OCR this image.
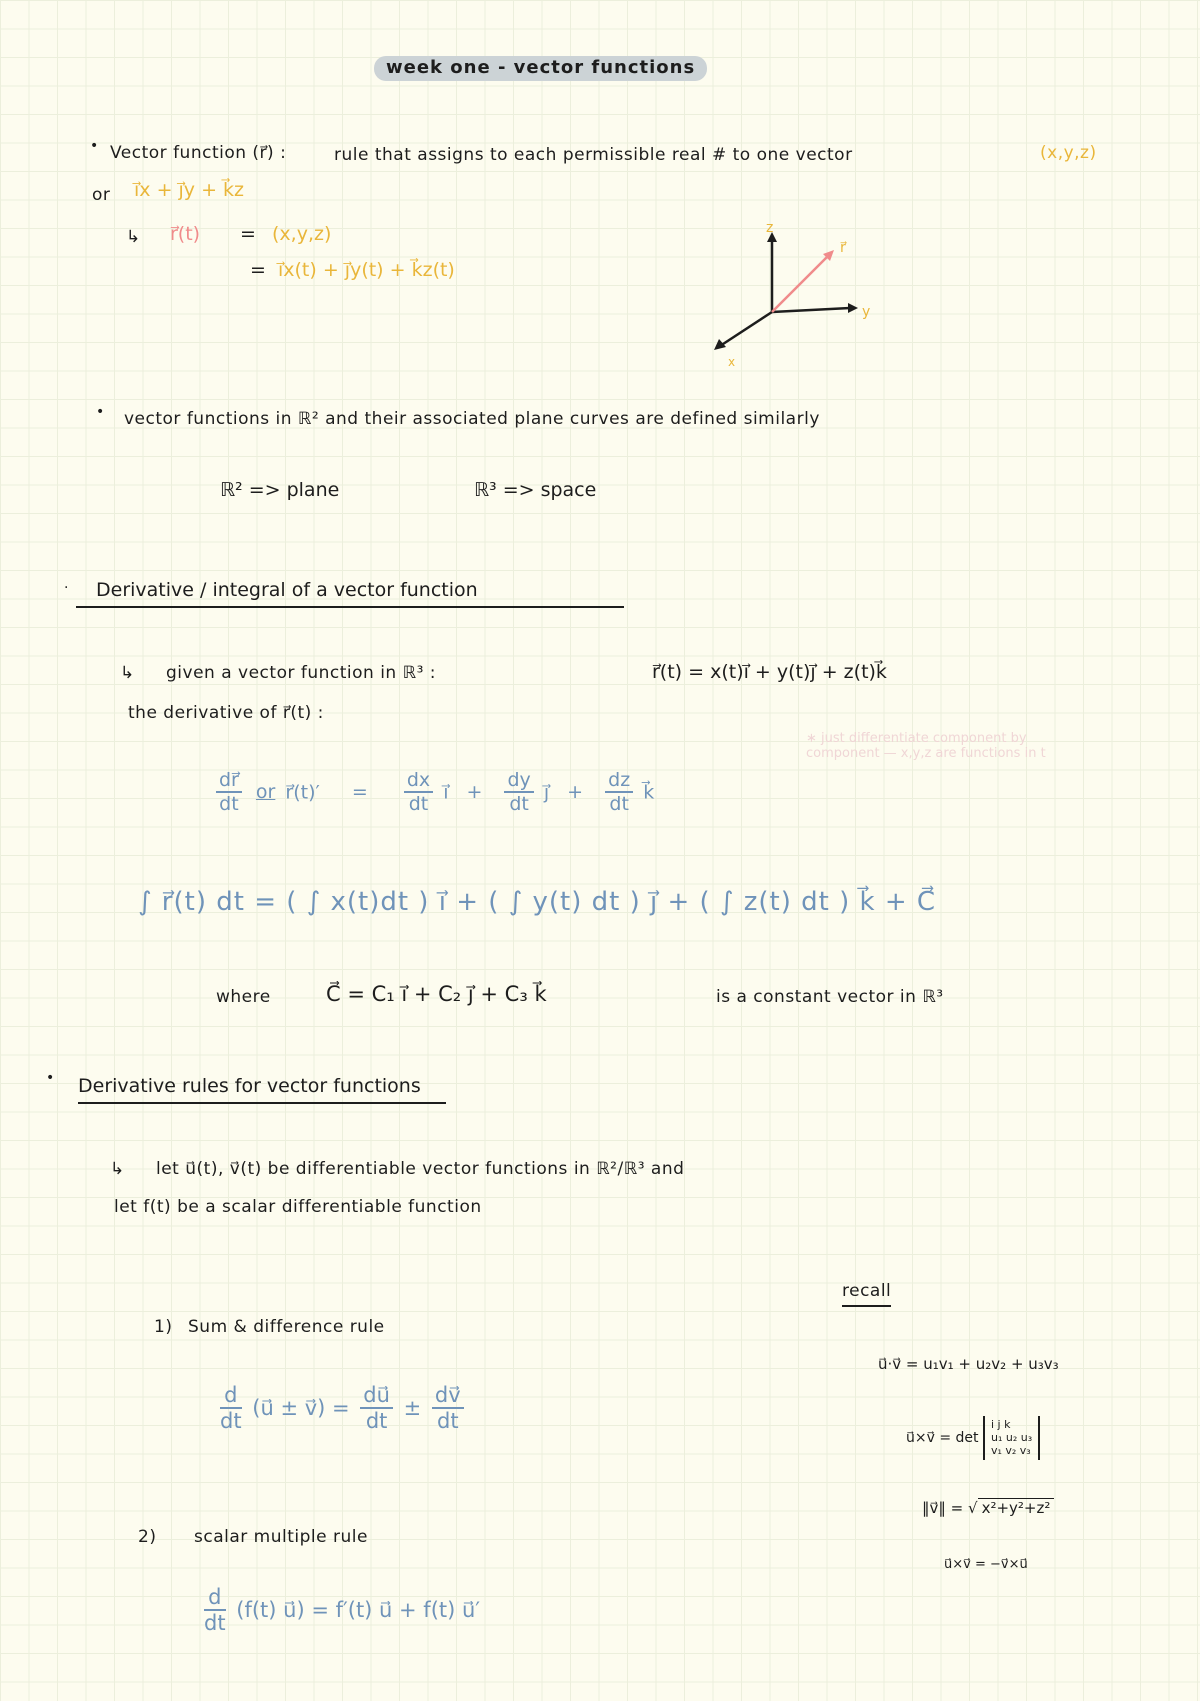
week one - vector functions
• Vector function (r⃗) :	rule that assigns to each permissible real # to one vector	(x,y,z)
or i⃗x + j⃗y + k⃗z
↳ r⃗(t) = (x,y,z)
= i⃗x(t) + j⃗y(t) + k⃗z(t)
z
y
x
r⃗
• vector functions in ℝ² and their associated plane curves are defined similarly
ℝ² => plane	ℝ³ => space
·	Derivative / integral of a vector function
↳ given a vector function in ℝ³ :	r⃗(t) = x(t)i⃗ + y(t)j⃗ + z(t)k⃗
the derivative of r⃗(t) :
∗ just differentiate component by component — x,y,z are functions in t
$\frac{dr⃗}{dt}$ or r⃗(t)′ = $\frac{dx}{dt}$ i⃗ + $\frac{dy}{dt}$ j⃗ + $\frac{dz}{dt}$ k⃗
∫ r⃗(t) dt = ( ∫ x(t)dt ) i⃗ + ( ∫ y(t) dt ) j⃗ + ( ∫ z(t) dt ) k⃗ + C⃗
where	C⃗ = C₁ i⃗ + C₂ j⃗ + C₃ k⃗	is a constant vector in ℝ³
• Derivative rules for vector functions
↳ let u⃗(t), v⃗(t) be differentiable vector functions in ℝ²/ℝ³ and
let f(t) be a scalar differentiable function
1) Sum & difference rule
$\frac{d}{dt}$ (u⃗ ± v⃗) = $\frac{du⃗}{dt} \pm \frac{dv⃗}{dt}$
2) scalar multiple rule
$\frac{d}{dt} (f(t)$ u⃗) = f′(t) u⃗ + f(t) u⃗′
recall
u⃗·v⃗ = u₁v₁ + u₂v₂ + u₃v₃
u⃗×v⃗ = det
i j k
u₁ u₂ u₃
v₁ v₂ v₃
‖v⃗‖ = √ x²+y²+z²
u⃗×v⃗ = −v⃗×u⃗
